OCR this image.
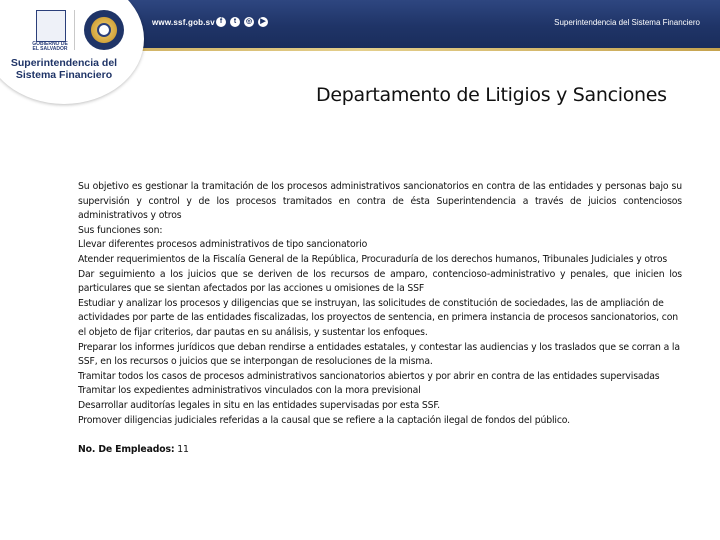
www.ssf.gob.sv f	t	◎	▶	Superintendencia del Sistema Financiero
GOBIERNO DE EL SALVADOR
Superintendencia del
Sistema Financiero
Departamento de Litigios y Sanciones

Su objetivo es gestionar la tramitación de los procesos administrativos sancionatorios en contra de las entidades y personas bajo su supervisión y control y de los procesos tramitados en contra de ésta Superintendencia a través de juicios contenciosos administrativos y otros

Sus funciones son:

Llevar diferentes procesos administrativos de tipo sancionatorio

Atender requerimientos de la Fiscalía General de la República, Procuraduría de los derechos humanos, Tribunales Judiciales y otros

Dar seguimiento a los juicios que se deriven de los recursos de amparo, contencioso-administrativo y penales, que inicien los particulares que se sientan afectados por las acciones u omisiones de la SSF

Estudiar y analizar los procesos y diligencias que se instruyan, las solicitudes de constitución de sociedades, las de ampliación de actividades por parte de las entidades fiscalizadas, los proyectos de sentencia, en primera instancia de procesos sancionatorios, con el objeto de fijar criterios, dar pautas en su análisis, y sustentar los enfoques.

Preparar los informes jurídicos que deban rendirse a entidades estatales, y contestar las audiencias y los traslados que se corran a la SSF, en los recursos o juicios que se interpongan de resoluciones de la misma.

Tramitar todos los casos de procesos administrativos sancionatorios abiertos y por abrir en contra de las entidades supervisadas

Tramitar los expedientes administrativos vinculados con la mora previsional

Desarrollar auditorías legales in situ en las entidades supervisadas por esta SSF.

Promover diligencias judiciales referidas a la causal que se refiere a la captación ilegal de fondos del público.

No. De Empleados: 11
